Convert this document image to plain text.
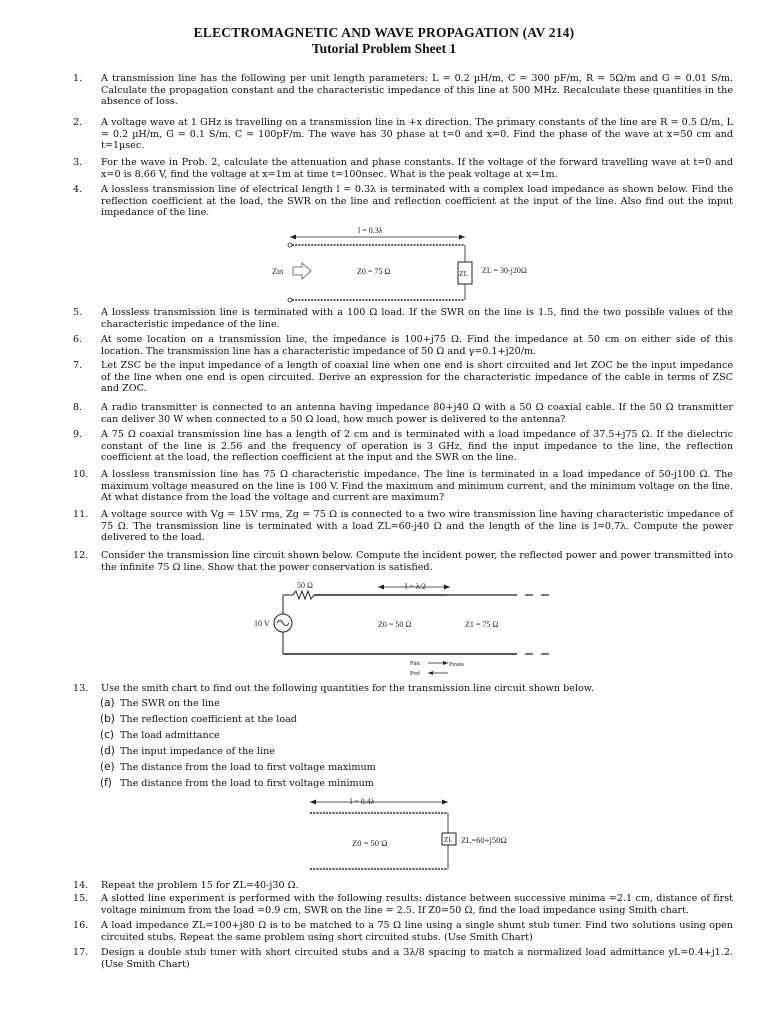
ELECTROMAGNETIC AND WAVE PROPAGATION (AV 214)
Tutorial Problem Sheet 1
1.	A transmission line has the following per unit length parameters: L = 0.2 µH/m, C = 300 pF/m, R = 5Ω/m and G = 0.01 S/m. Calculate the propagation constant and the characteristic impedance of this line at 500 MHz. Recalculate these quantities in the absence of loss.
2.	A voltage wave at 1 GHz is travelling on a transmission line in +x direction. The primary constants of the line are R = 0.5 Ω/m, L = 0.2 µH/m, G = 0.1 S/m, C = 100pF/m. The wave has 30 phase at t=0 and x=0. Find the phase of the wave at x=50 cm and t=1µsec.
3.	For the wave in Prob. 2, calculate the attenuation and phase constants. If the voltage of the forward travelling wave at t=0 and x=0 is 8.66 V, find the voltage at x=1m at time t=100nsec. What is the peak voltage at x=1m.
4.	A lossless transmission line of electrical length l = 0.3λ is terminated with a complex load impedance as shown below. Find the reflection coefficient at the load, the SWR on the line and reflection coefficient at the input of the line. Also find out the input impedance of the line.
l = 0.3λ
ZL ZL = 30-j20Ω
Zin	Z0 = 75 Ω
5.	A lossless transmission line is terminated with a 100 Ω load. If the SWR on the line is 1.5, find the two possible values of the characteristic impedance of the line.
6.	At some location on a transmission line, the impedance is 100+j75 Ω. Find the impedance at 50 cm on either side of this location. The transmission line has a characteristic impedance of 50 Ω and γ=0.1+j20/m.
7.	Let ZSC be the input impedance of a length of coaxial line when one end is short circuited and let ZOC be the input impedance of the line when one end is open circuited. Derive an expression for the characteristic impedance of the cable in terms of ZSC and ZOC.
8.	A radio transmitter is connected to an antenna having impedance 80+j40 Ω with a 50 Ω coaxial cable. If the 50 Ω transmitter can deliver 30 W when connected to a 50 Ω load, how much power is delivered to the antenna?
9.	A 75 Ω coaxial transmission line has a length of 2 cm and is terminated with a load impedance of 37.5+j75 Ω. If the dielectric constant of the line is 2.56 and the frequency of operation is 3 GHz, find the input impedance to the line, the reflection coefficient at the load, the reflection coefficient at the input and the SWR on the line.
10.	A lossless transmission line has 75 Ω characteristic impedance. The line is terminated in a load impedance of 50-j100 Ω. The maximum voltage measured on the line is 100 V. Find the maximum and minimum current, and the minimum voltage on the line. At what distance from the load the voltage and current are maximum?
11.	A voltage source with Vg = 15V rms, Zg = 75 Ω is connected to a two wire transmission line having characteristic impedance of 75 Ω. The transmission line is terminated with a load ZL=60-j40 Ω and the length of the line is l=0.7λ. Compute the power delivered to the load.
12.	Consider the transmission line circuit shown below. Compute the incident power, the reflected power and power transmitted into the infinite 75 Ω line. Show that the power conservation is satisfied.
50 Ω	l = λ/2
10 V	Z0 = 50 Ω	Z1 = 75 Ω
Pinc	Ptrans
Pref
13.	Use the smith chart to find out the following quantities for the transmission line circuit shown below.
(a) The SWR on the line
(b) The reflection coefficient at the load
(c) The load admittance
(d) The input impedance of the line
(e) The distance from the load to first voltage maximum
(f) The distance from the load to first voltage minimum
l = 0.4λ
ZL ZL=60+j50Ω
Z0 = 50 Ω
14.	Repeat the problem 15 for ZL=40-j30 Ω.
15.	A slotted line experiment is performed with the following results: distance between successive minima =2.1 cm, distance of first voltage minimum from the load =0.9 cm, SWR on the line = 2.5. If Z0=50 Ω, find the load impedance using Smith chart.
16.	A load impedance ZL=100+j80 Ω is to be matched to a 75 Ω line using a single shunt stub tuner. Find two solutions using open circuited stubs. Repeat the same problem using short circuited stubs. (Use Smith Chart)
17.	Design a double stub tuner with short circuited stubs and a 3λ/8 spacing to match a normalized load admittance yL=0.4+j1.2. (Use Smith Chart)
